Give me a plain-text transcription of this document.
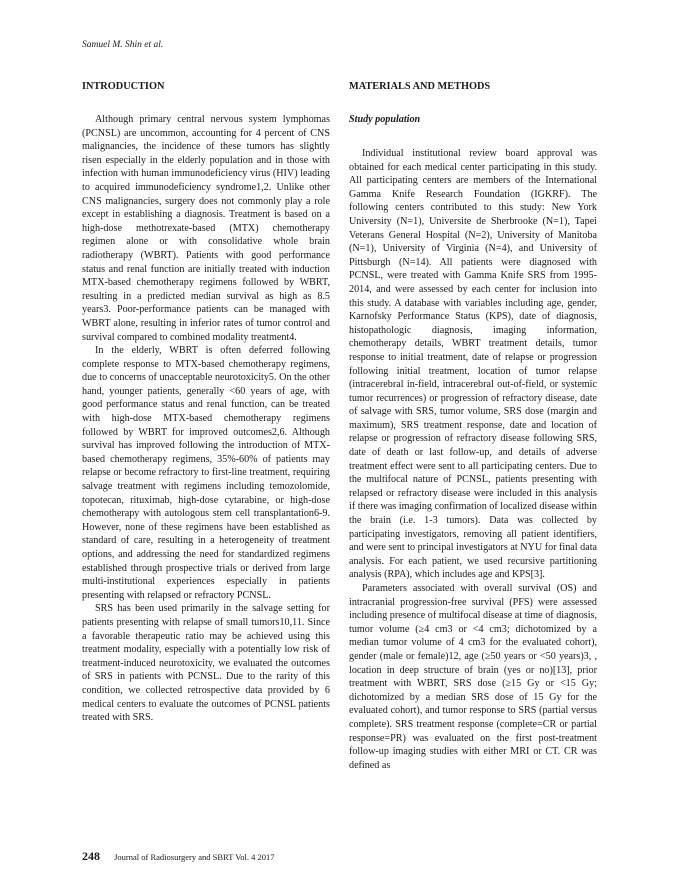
Samuel M. Shin et al.
INTRODUCTION

Although primary central nervous system lymphomas (PCNSL) are uncommon, accounting for 4 percent of CNS malignancies, the incidence of these tumors has slightly risen especially in the elderly population and in those with infection with human immunodeficiency virus (HIV) leading to acquired immunodeficiency syndrome1,2. Unlike other CNS malignancies, surgery does not commonly play a role except in establishing a diagnosis. Treatment is based on a high-dose methotrexate-based (MTX) chemotherapy regimen alone or with consolidative whole brain radiotherapy (WBRT). Patients with good performance status and renal function are initially treated with induction MTX-based chemotherapy regimens followed by WBRT, resulting in a predicted median survival as high as 8.5 years3. Poor-performance patients can be managed with WBRT alone, resulting in inferior rates of tumor control and survival compared to combined modality treatment4.

In the elderly, WBRT is often deferred following complete response to MTX-based chemotherapy regimens, due to concerns of unacceptable neurotoxicity5. On the other hand, younger patients, generally <60 years of age, with good performance status and renal function, can be treated with high-dose MTX-based chemotherapy regimens followed by WBRT for improved outcomes2,6. Although survival has improved following the introduction of MTX-based chemotherapy regimens, 35%-60% of patients may relapse or become refractory to first-line treatment, requiring salvage treatment with regimens including temozolomide, topotecan, rituximab, high-dose cytarabine, or high-dose chemotherapy with autologous stem cell transplantation6-9. However, none of these regimens have been established as standard of care, resulting in a heterogeneity of treatment options, and addressing the need for standardized regimens established through prospective trials or derived from large multi-institutional experiences especially in patients presenting with relapsed or refractory PCNSL.

SRS has been used primarily in the salvage setting for patients presenting with relapse of small tumors10,11. Since a favorable therapeutic ratio may be achieved using this treatment modality, especially with a potentially low risk of treatment-induced neurotoxicity, we evaluated the outcomes of SRS in patients with PCNSL. Due to the rarity of this condition, we collected retrospective data provided by 6 medical centers to evaluate the outcomes of PCNSL patients treated with SRS.

MATERIALS AND METHODS
Study population

Individual institutional review board approval was obtained for each medical center participating in this study. All participating centers are members of the International Gamma Knife Research Foundation (IGKRF). The following centers contributed to this study: New York University (N=1), Universite de Sherbrooke (N=1), Tapei Veterans General Hospital (N=2), University of Manitoba (N=1), University of Virginia (N=4), and University of Pittsburgh (N=14). All patients were diagnosed with PCNSL, were treated with Gamma Knife SRS from 1995-2014, and were assessed by each center for inclusion into this study. A database with variables including age, gender, Karnofsky Performance Status (KPS), date of diagnosis, histopathologic diagnosis, imaging information, chemotherapy details, WBRT treatment details, tumor response to initial treatment, date of relapse or progression following initial treatment, location of tumor relapse (intracerebral in-field, intracerebral out-of-field, or systemic tumor recurrences) or progression of refractory disease, date of salvage with SRS, tumor volume, SRS dose (margin and maximum), SRS treatment response, date and location of relapse or progression of refractory disease following SRS, date of death or last follow-up, and details of adverse treatment effect were sent to all participating centers. Due to the multifocal nature of PCNSL, patients presenting with relapsed or refractory disease were included in this analysis if there was imaging confirmation of localized disease within the brain (i.e. 1-3 tumors). Data was collected by participating investigators, removing all patient identifiers, and were sent to principal investigators at NYU for final data analysis. For each patient, we used recursive partitioning analysis (RPA), which includes age and KPS[3].

Parameters associated with overall survival (OS) and intracranial progression-free survival (PFS) were assessed including presence of multifocal disease at time of diagnosis, tumor volume (≥4 cm3 or <4 cm3; dichotomized by a median tumor volume of 4 cm3 for the evaluated cohort), gender (male or female)12, age (≥50 years or <50 years)3, , location in deep structure of brain (yes or no)[13], prior treatment with WBRT, SRS dose (≥15 Gy or <15 Gy; dichotomized by a median SRS dose of 15 Gy for the evaluated cohort), and tumor response to SRS (partial versus complete). SRS treatment response (complete=CR or partial response=PR) was evaluated on the first post-treatment follow-up imaging studies with either MRI or CT. CR was defined as

248 Journal of Radiosurgery and SBRT Vol. 4 2017
